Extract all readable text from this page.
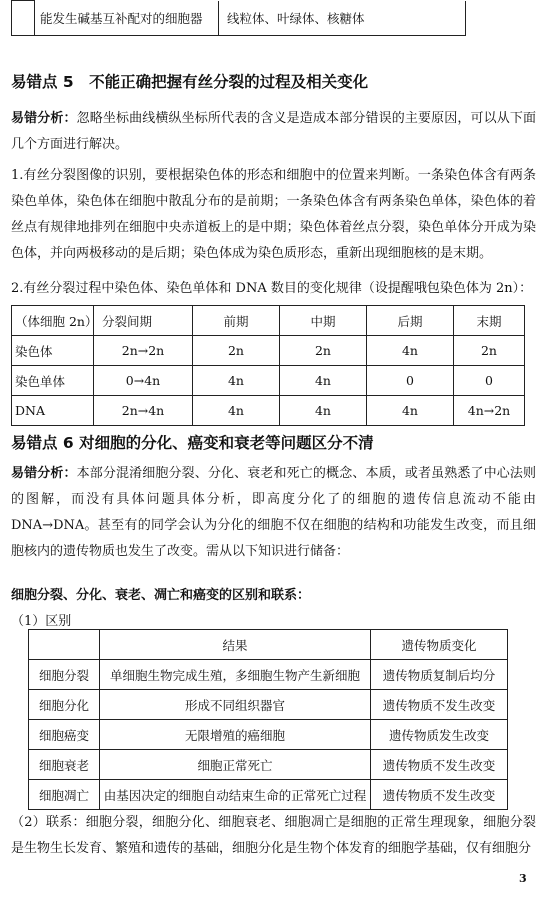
	能发生碱基互补配对的细胞器	线粒体、叶绿体、核糖体
易错点 5　不能正确把握有丝分裂的过程及相关变化
易错分析：忽略坐标曲线横纵坐标所代表的含义是造成本部分错误的主要原因，可以从下面几个方面进行解决。
1.有丝分裂图像的识别，要根据染色体的形态和细胞中的位置来判断。一条染色体含有两条染色单体，染色体在细胞中散乱分布的是前期；一条染色体含有两条染色单体，染色体的着丝点有规律地排列在细胞中央赤道板上的是中期；染色体着丝点分裂，染色单体分开成为染色体，并向两极移动的是后期；染色体成为染色质形态，重新出现细胞核的是末期。
2.有丝分裂过程中染色体、染色单体和 DNA 数目的变化规律（设提醒哦包染色体为 2n）：
（体细胞 2n）	分裂间期	前期	中期	后期	末期
染色体	2n→2n	2n	2n	4n	2n
染色单体	0→4n	4n	4n	0	0
DNA	2n→4n	4n	4n	4n	4n→2n
易错点 6 对细胞的分化、癌变和衰老等问题区分不清
易错分析：本部分混淆细胞分裂、分化、衰老和死亡的概念、本质，或者虽熟悉了中心法则的图解，而没有具体问题具体分析，即高度分化了的细胞的遗传信息流动不能由DNA→DNA。甚至有的同学会认为分化的细胞不仅在细胞的结构和功能发生改变，而且细胞核内的遗传物质也发生了改变。需从以下知识进行储备：
细胞分裂、分化、衰老、凋亡和癌变的区别和联系：
（1）区别
	结果	遗传物质变化
细胞分裂	单细胞生物完成生殖，多细胞生物产生新细胞	遗传物质复制后均分
细胞分化	形成不同组织器官	遗传物质不发生改变
细胞癌变	无限增殖的癌细胞	遗传物质发生改变
细胞衰老	细胞正常死亡	遗传物质不发生改变
细胞凋亡	由基因决定的细胞自动结束生命的正常死亡过程	遗传物质不发生改变
（2）联系：细胞分裂，细胞分化、细胞衰老、细胞凋亡是细胞的正常生理现象，细胞分裂是生物生长发育、繁殖和遗传的基础，细胞分化是生物个体发育的细胞学基础，仅有细胞分
3
